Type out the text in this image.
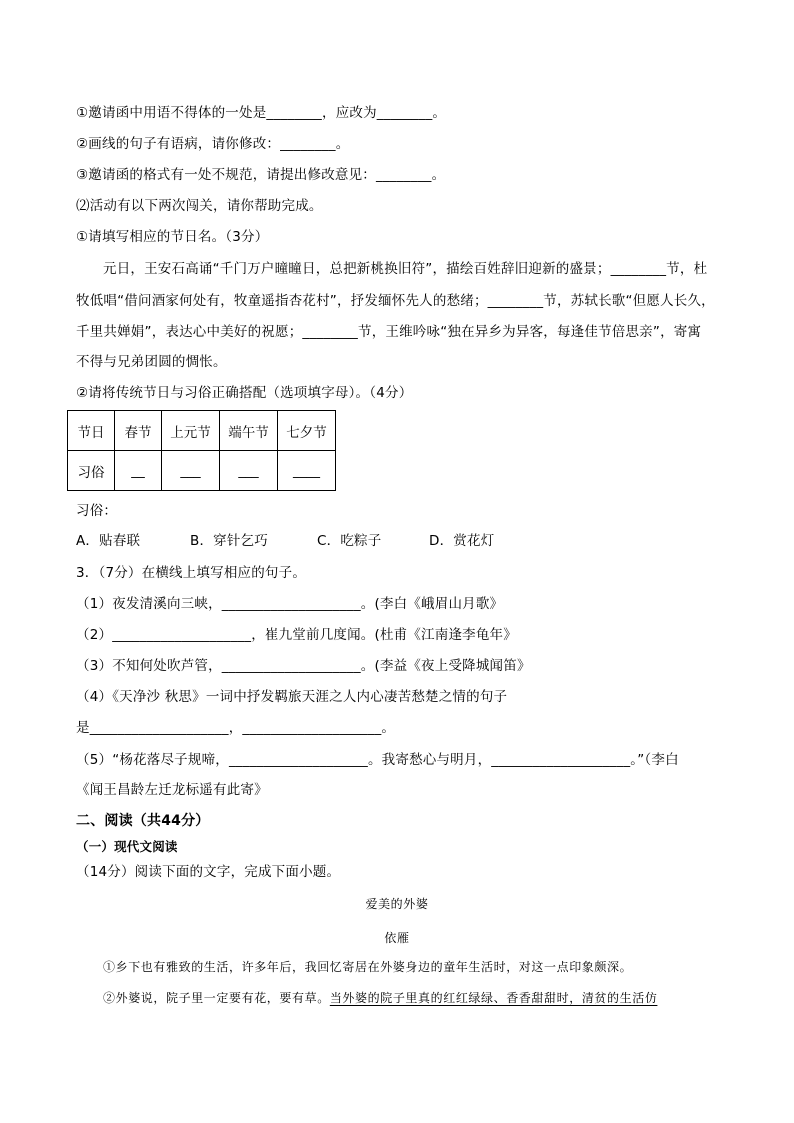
①邀请函中用语不得体的一处是________，应改为________。
②画线的句子有语病，请你修改：________。
③邀请函的格式有一处不规范，请提出修改意见：________。
⑵活动有以下两次闯关，请你帮助完成。
①请填写相应的节日名。（3分）
元日，王安石高诵“千门万户曈曈日，总把新桃换旧符”，描绘百姓辞旧迎新的盛景；________节，杜
牧低唱“借问酒家何处有，牧童遥指杏花村”，抒发缅怀先人的愁绪；________节，苏轼长歌“但愿人长久，
千里共婵娟”，表达心中美好的祝愿；________节，王维吟咏“独在异乡为异客，每逢佳节倍思亲”，寄寓
不得与兄弟团圆的惆怅。
②请将传统节日与习俗正确搭配（选项填字母）。（4分）
节日	春节	上元节	端午节	七夕节
习俗	__	___	___	____
习俗：
A．贴春联	B．穿针乞巧	C．吃粽子	D．赏花灯
3．（7分）在横线上填写相应的句子。
（1）夜发清溪向三峡，____________________。(李白《峨眉山月歌》
（2）____________________，崔九堂前几度闻。(杜甫《江南逢李龟年》
（3）不知何处吹芦管，____________________。(李益《夜上受降城闻笛》
（4）《天净沙 秋思》一词中抒发羁旅天涯之人内心凄苦愁楚之情的句子
是____________________，____________________。
（5）“杨花落尽子规啼，____________________。我寄愁心与明月，____________________。”（李白
《闻王昌龄左迁龙标遥有此寄》
二、阅读（共44分）
（一）现代文阅读
（14分）阅读下面的文字，完成下面小题。
爱美的外婆
依雁
①乡下也有雅致的生活，许多年后，我回忆寄居在外婆身边的童年生活时，对这一点印象颇深。
②外婆说，院子里一定要有花，要有草。当外婆的院子里真的红红绿绿、香香甜甜时，清贫的生活仿
